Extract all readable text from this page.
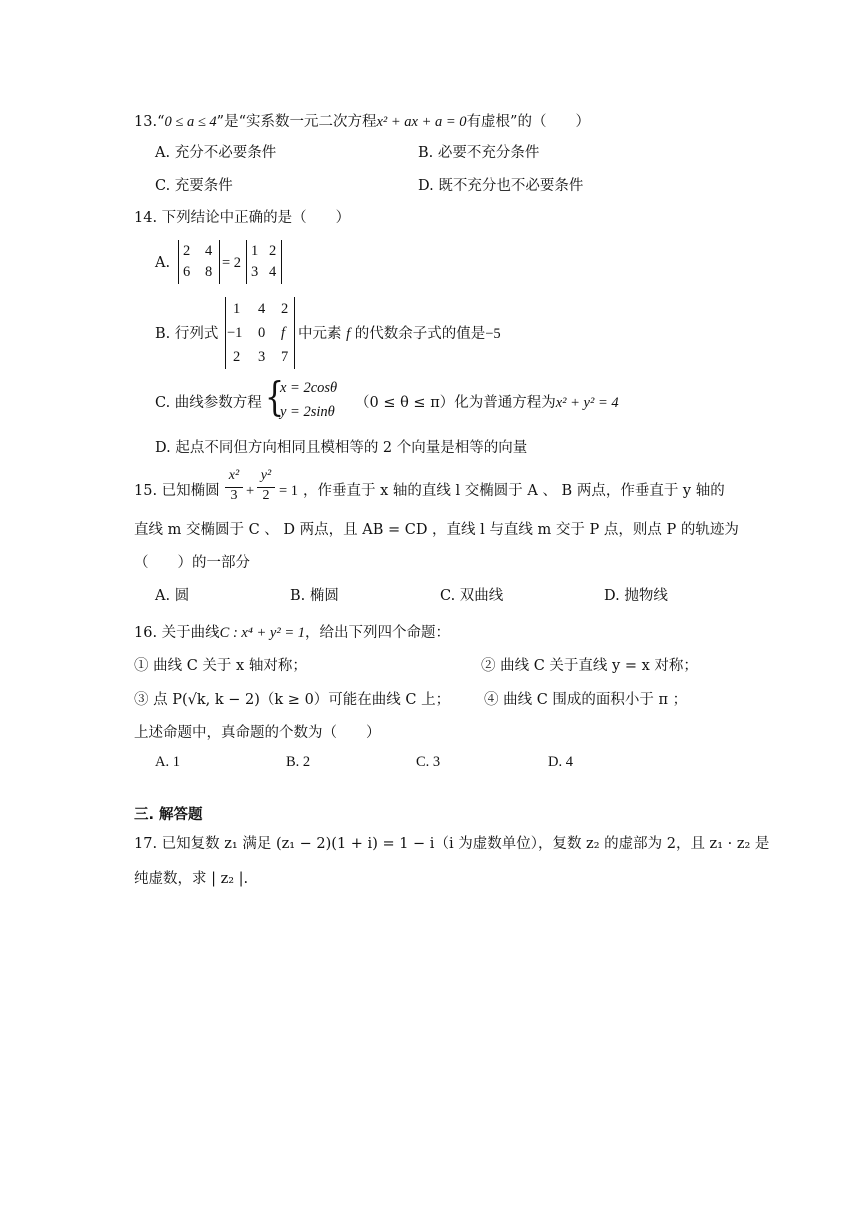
13.“0 ≤ a ≤ 4”是“实系数一元二次方程x² + ax + a = 0有虚根”的（　　）
A. 充分不必要条件	B. 必要不充分条件
C. 充要条件	D. 既不充分也不必要条件
14. 下列结论中正确的是（　　）
A.
2 4
6 8
= 2
1 2
3 4
B. 行列式
1 4 2
−1 0 f
2 3 7
中元素 f 的代数余子式的值是−5
C. 曲线参数方程 {
x = 2cosθ
y = 2sinθ
（0 ≤ θ ≤ π）化为普通方程为x² + y² = 4
D. 起点不同但方向相同且模相等的 2 个向量是相等的向量
15. 已知椭圆
x²
3 +
y²
2 = 1 ，作垂直于 x 轴的直线 l 交椭圆于 A 、 B 两点，作垂直于 y 轴的
直线 m 交椭圆于 C 、 D 两点，且 AB = CD ，直线 l 与直线 m 交于 P 点，则点 P 的轨迹为
（　　）的一部分
A. 圆	B. 椭圆	C. 双曲线	D. 抛物线
16. 关于曲线C : x⁴ + y² = 1，给出下列四个命题：
① 曲线 C 关于 x 轴对称；	② 曲线 C 关于直线 y = x 对称；
③ 点 P(√k, k − 2)（k ≥ 0）可能在曲线 C 上； ④ 曲线 C 围成的面积小于 π ；
上述命题中，真命题的个数为（　　）
A. 1	B. 2	C. 3	D. 4
三. 解答题
17. 已知复数 z₁ 满足 (z₁ − 2)(1 + i) = 1 − i（i 为虚数单位），复数 z₂ 的虚部为 2，且 z₁ · z₂ 是
纯虚数，求 | z₂ |.
